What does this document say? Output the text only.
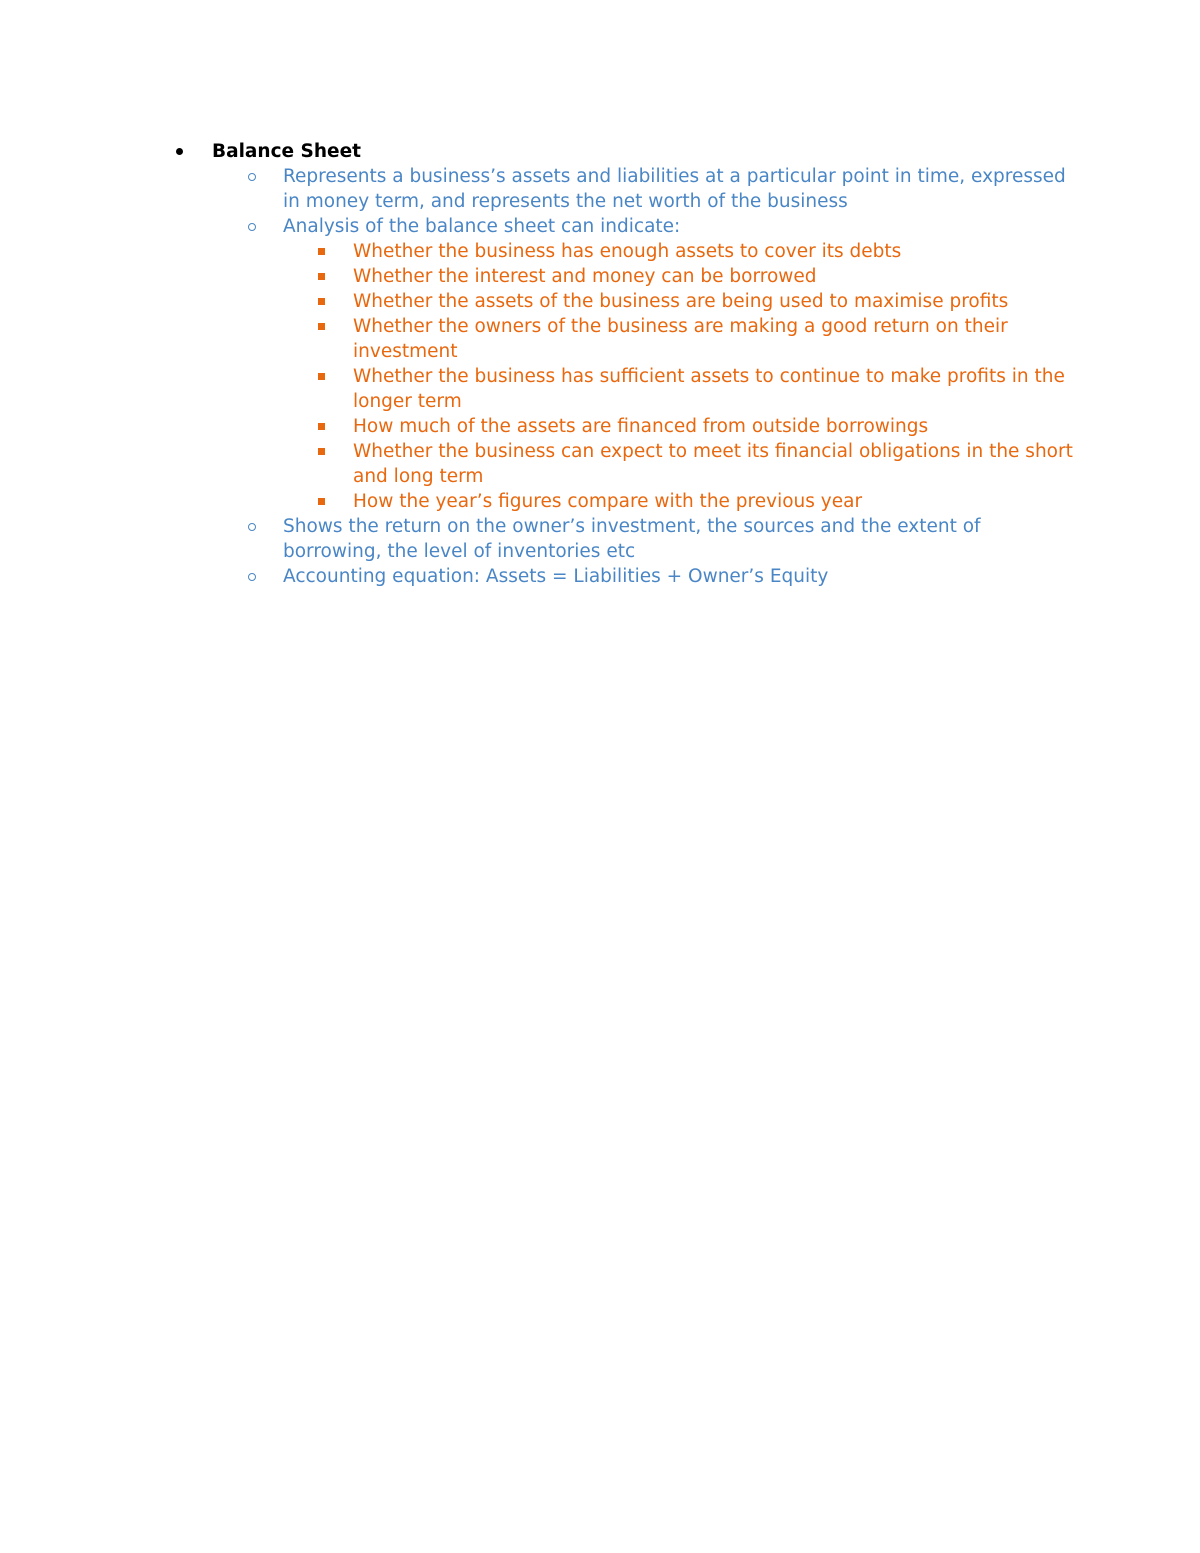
Balance Sheet
Represents a business’s assets and liabilities at a particular point in time, expressed in money term, and represents the net worth of the business
Analysis of the balance sheet can indicate:
Whether the business has enough assets to cover its debts
Whether the interest and money can be borrowed
Whether the assets of the business are being used to maximise profits
Whether the owners of the business are making a good return on their investment
Whether the business has sufficient assets to continue to make profits in the longer term
How much of the assets are financed from outside borrowings
Whether the business can expect to meet its financial obligations in the short and long term
How the year’s figures compare with the previous year
Shows the return on the owner’s investment, the sources and the extent of borrowing, the level of inventories etc
Accounting equation: Assets = Liabilities + Owner’s Equity
